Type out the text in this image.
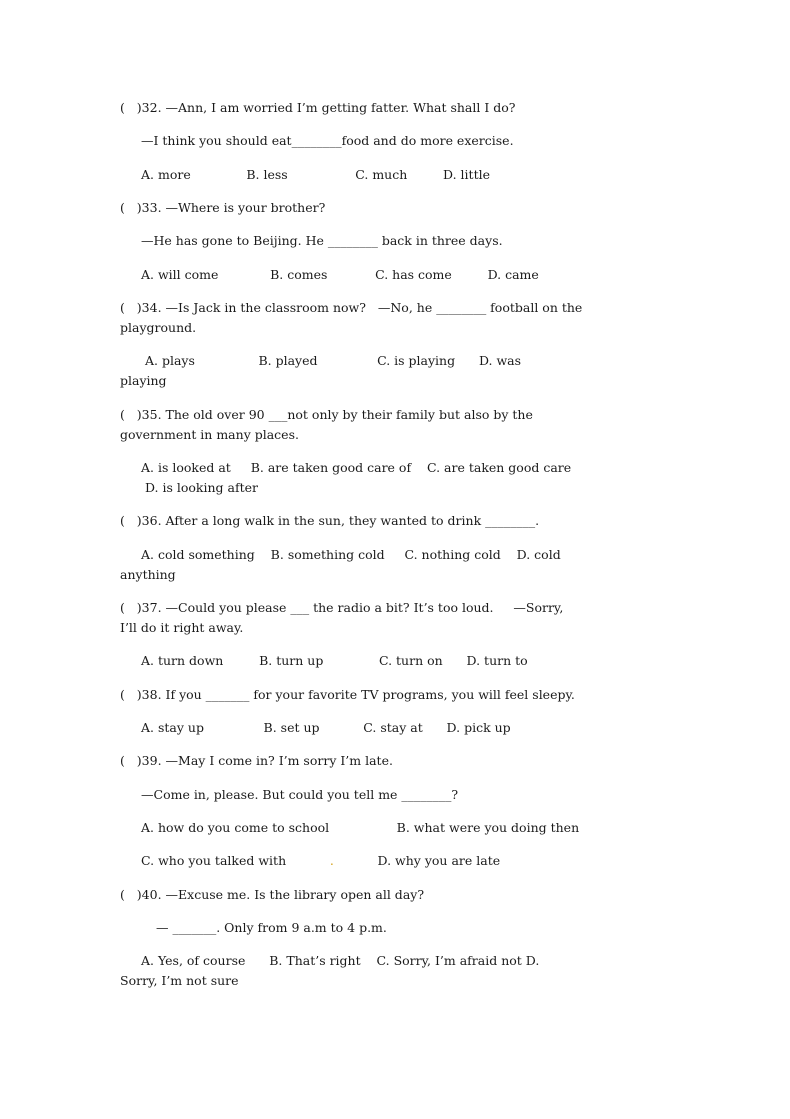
(   )32. —Ann, I am worried I’m getting fatter. What shall I do?
—I think you should eat________food and do more exercise.
A. more              B. less                 C. much         D. little
(   )33. —Where is your brother?
—He has gone to Beijing. He ________ back in three days.
A. will come             B. comes            C. has come         D. came
(   )34. —Is Jack in the classroom now?   —No, he ________ football on the
playground.
A. plays                B. played               C. is playing      D. was
playing
(   )35. The old over 90 ___not only by their family but also by the
government in many places.
A. is looked at     B. are taken good care of    C. are taken good care
D. is looking after
(   )36. After a long walk in the sun, they wanted to drink ________.
A. cold something    B. something cold     C. nothing cold    D. cold
anything
(   )37. —Could you please ___ the radio a bit? It’s too loud.     —Sorry,
I’ll do it right away.
A. turn down         B. turn up              C. turn on      D. turn to
(   )38. If you _______ for your favorite TV programs, you will feel sleepy.
A. stay up               B. set up           C. stay at      D. pick up
(   )39. —May I come in? I’m sorry I’m late.
—Come in, please. But could you tell me ________?
A. how do you come to school                 B. what were you doing then
C. who you talked with           .           D. why you are late
(   )40. —Excuse me. Is the library open all day?
— _______. Only from 9 a.m to 4 p.m.
A. Yes, of course      B. That’s right    C. Sorry, I’m afraid not D.
Sorry, I’m not sure
